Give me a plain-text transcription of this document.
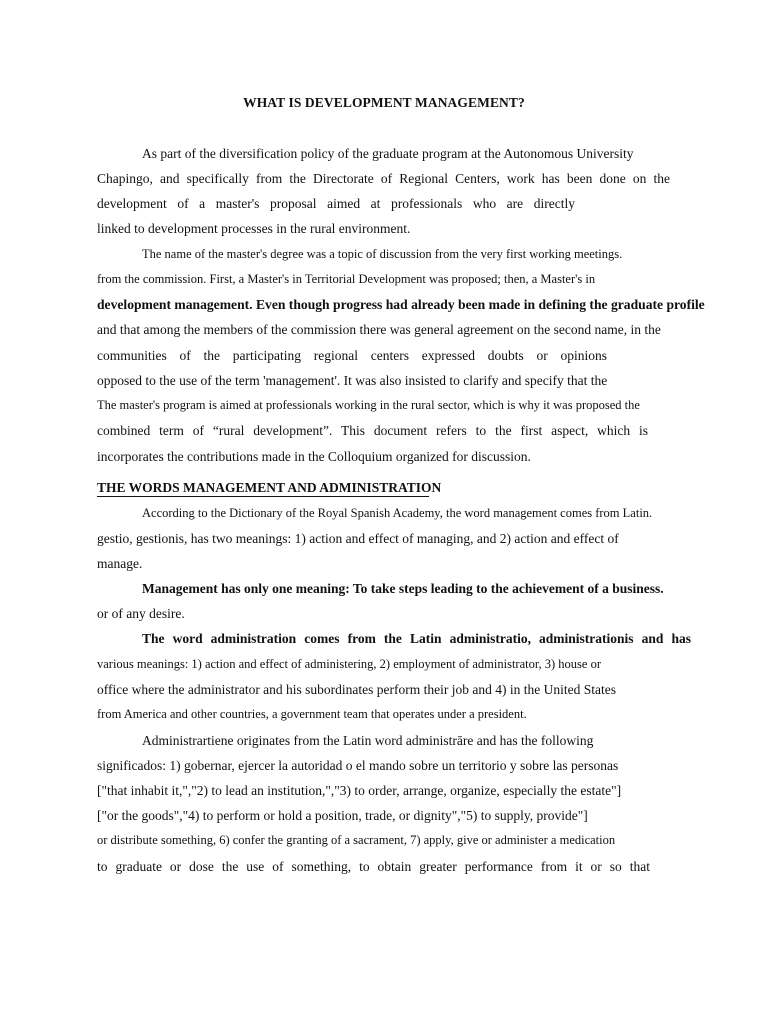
WHAT IS DEVELOPMENT MANAGEMENT?
As part of the diversification policy of the graduate program at the Autonomous University
Chapingo, and specifically from the Directorate of Regional Centers, work has been done on the
development of a master's proposal aimed at professionals who are directly
linked to development processes in the rural environment.
The name of the master's degree was a topic of discussion from the very first working meetings.
from the commission. First, a Master's in Territorial Development was proposed; then, a Master's in
development management. Even though progress had already been made in defining the graduate profile
and that among the members of the commission there was general agreement on the second name, in the
communities of the participating regional centers expressed doubts or opinions
opposed to the use of the term 'management'. It was also insisted to clarify and specify that the
The master's program is aimed at professionals working in the rural sector, which is why it was proposed the
combined term of “rural development”. This document refers to the first aspect, which is
incorporates the contributions made in the Colloquium organized for discussion.
THE WORDS MANAGEMENT AND ADMINISTRATION
According to the Dictionary of the Royal Spanish Academy, the word management comes from Latin.
gestio, gestionis, has two meanings: 1) action and effect of managing, and 2) action and effect of
manage.
Management has only one meaning: To take steps leading to the achievement of a business.
or of any desire.
The word administration comes from the Latin administratio, administrationis and has
various meanings: 1) action and effect of administering, 2) employment of administrator, 3) house or
office where the administrator and his subordinates perform their job and 4) in the United States
from America and other countries, a government team that operates under a president.
Administrartiene originates from the Latin word administrāre and has the following
significados: 1) gobernar, ejercer la autoridad o el mando sobre un territorio y sobre las personas
["that inhabit it,","2) to lead an institution,","3) to order, arrange, organize, especially the estate"]
["or the goods","4) to perform or hold a position, trade, or dignity","5) to supply, provide"]
or distribute something, 6) confer the granting of a sacrament, 7) apply, give or administer a medication
to graduate or dose the use of something, to obtain greater performance from it or so that
